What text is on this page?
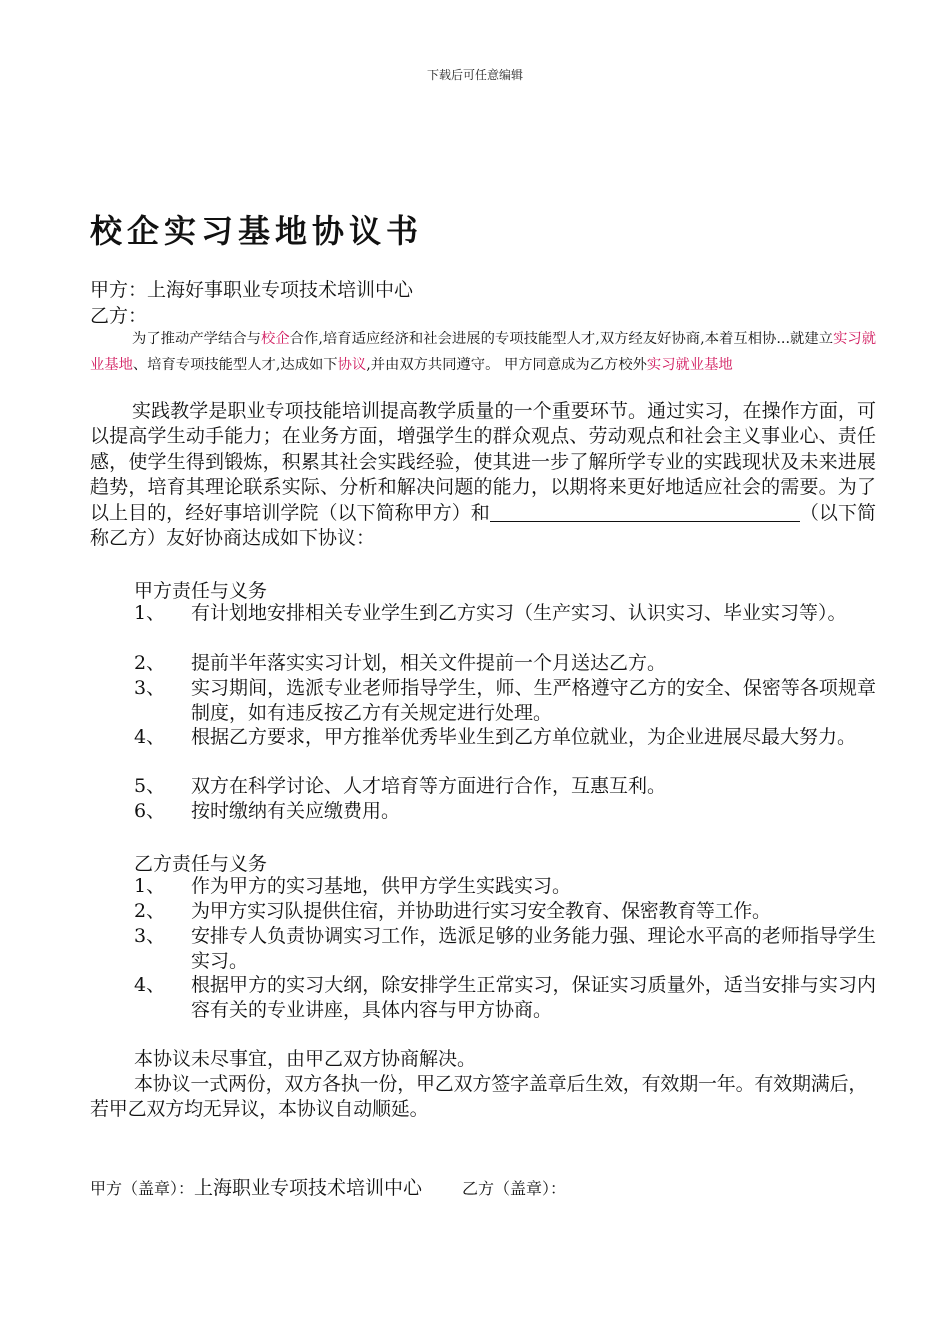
下载后可任意编辑
校企实习基地协议书
甲方：上海好事职业专项技术培训中心
乙方：
为了推动产学结合与校企合作,培育适应经济和社会进展的专项技能型人才,双方经友好协商,本着互相协...就建立实习就业基地、培育专项技能型人才,达成如下协议,并由双方共同遵守。 甲方同意成为乙方校外实习就业基地
实践教学是职业专项技能培训提高教学质量的一个重要环节。通过实习，在操作方面，可以提高学生动手能力；在业务方面，增强学生的群众观点、劳动观点和社会主义事业心、责任感，使学生得到锻炼，积累其社会实践经验，使其进一步了解所学专业的实践现状及未来进展趋势，培育其理论联系实际、分析和解决问题的能力，以期将来更好地适应社会的需要。为了以上目的，经好事培训学院（以下简称甲方）和	（以下简称乙方）友好协商达成如下协议：
甲方责任与义务
1、	有计划地安排相关专业学生到乙方实习（生产实习、认识实习、毕业实习等）。
2、	提前半年落实实习计划，相关文件提前一个月送达乙方。
3、	实习期间，选派专业老师指导学生，师、生严格遵守乙方的安全、保密等各项规章制度，如有违反按乙方有关规定进行处理。
4、	根据乙方要求，甲方推举优秀毕业生到乙方单位就业，为企业进展尽最大努力。
5、	双方在科学讨论、人才培育等方面进行合作，互惠互利。
6、	按时缴纳有关应缴费用。
乙方责任与义务
1、	作为甲方的实习基地，供甲方学生实践实习。
2、	为甲方实习队提供住宿，并协助进行实习安全教育、保密教育等工作。
3、	安排专人负责协调实习工作，选派足够的业务能力强、理论水平高的老师指导学生实习。
4、	根据甲方的实习大纲，除安排学生正常实习，保证实习质量外，适当安排与实习内容有关的专业讲座，具体内容与甲方协商。
本协议未尽事宜，由甲乙双方协商解决。
本协议一式两份，双方各执一份，甲乙双方签字盖章后生效，有效期一年。有效期满后，若甲乙双方均无异议，本协议自动顺延。
甲方（盖章）：上海职业专项技术培训中心	乙方（盖章）：
